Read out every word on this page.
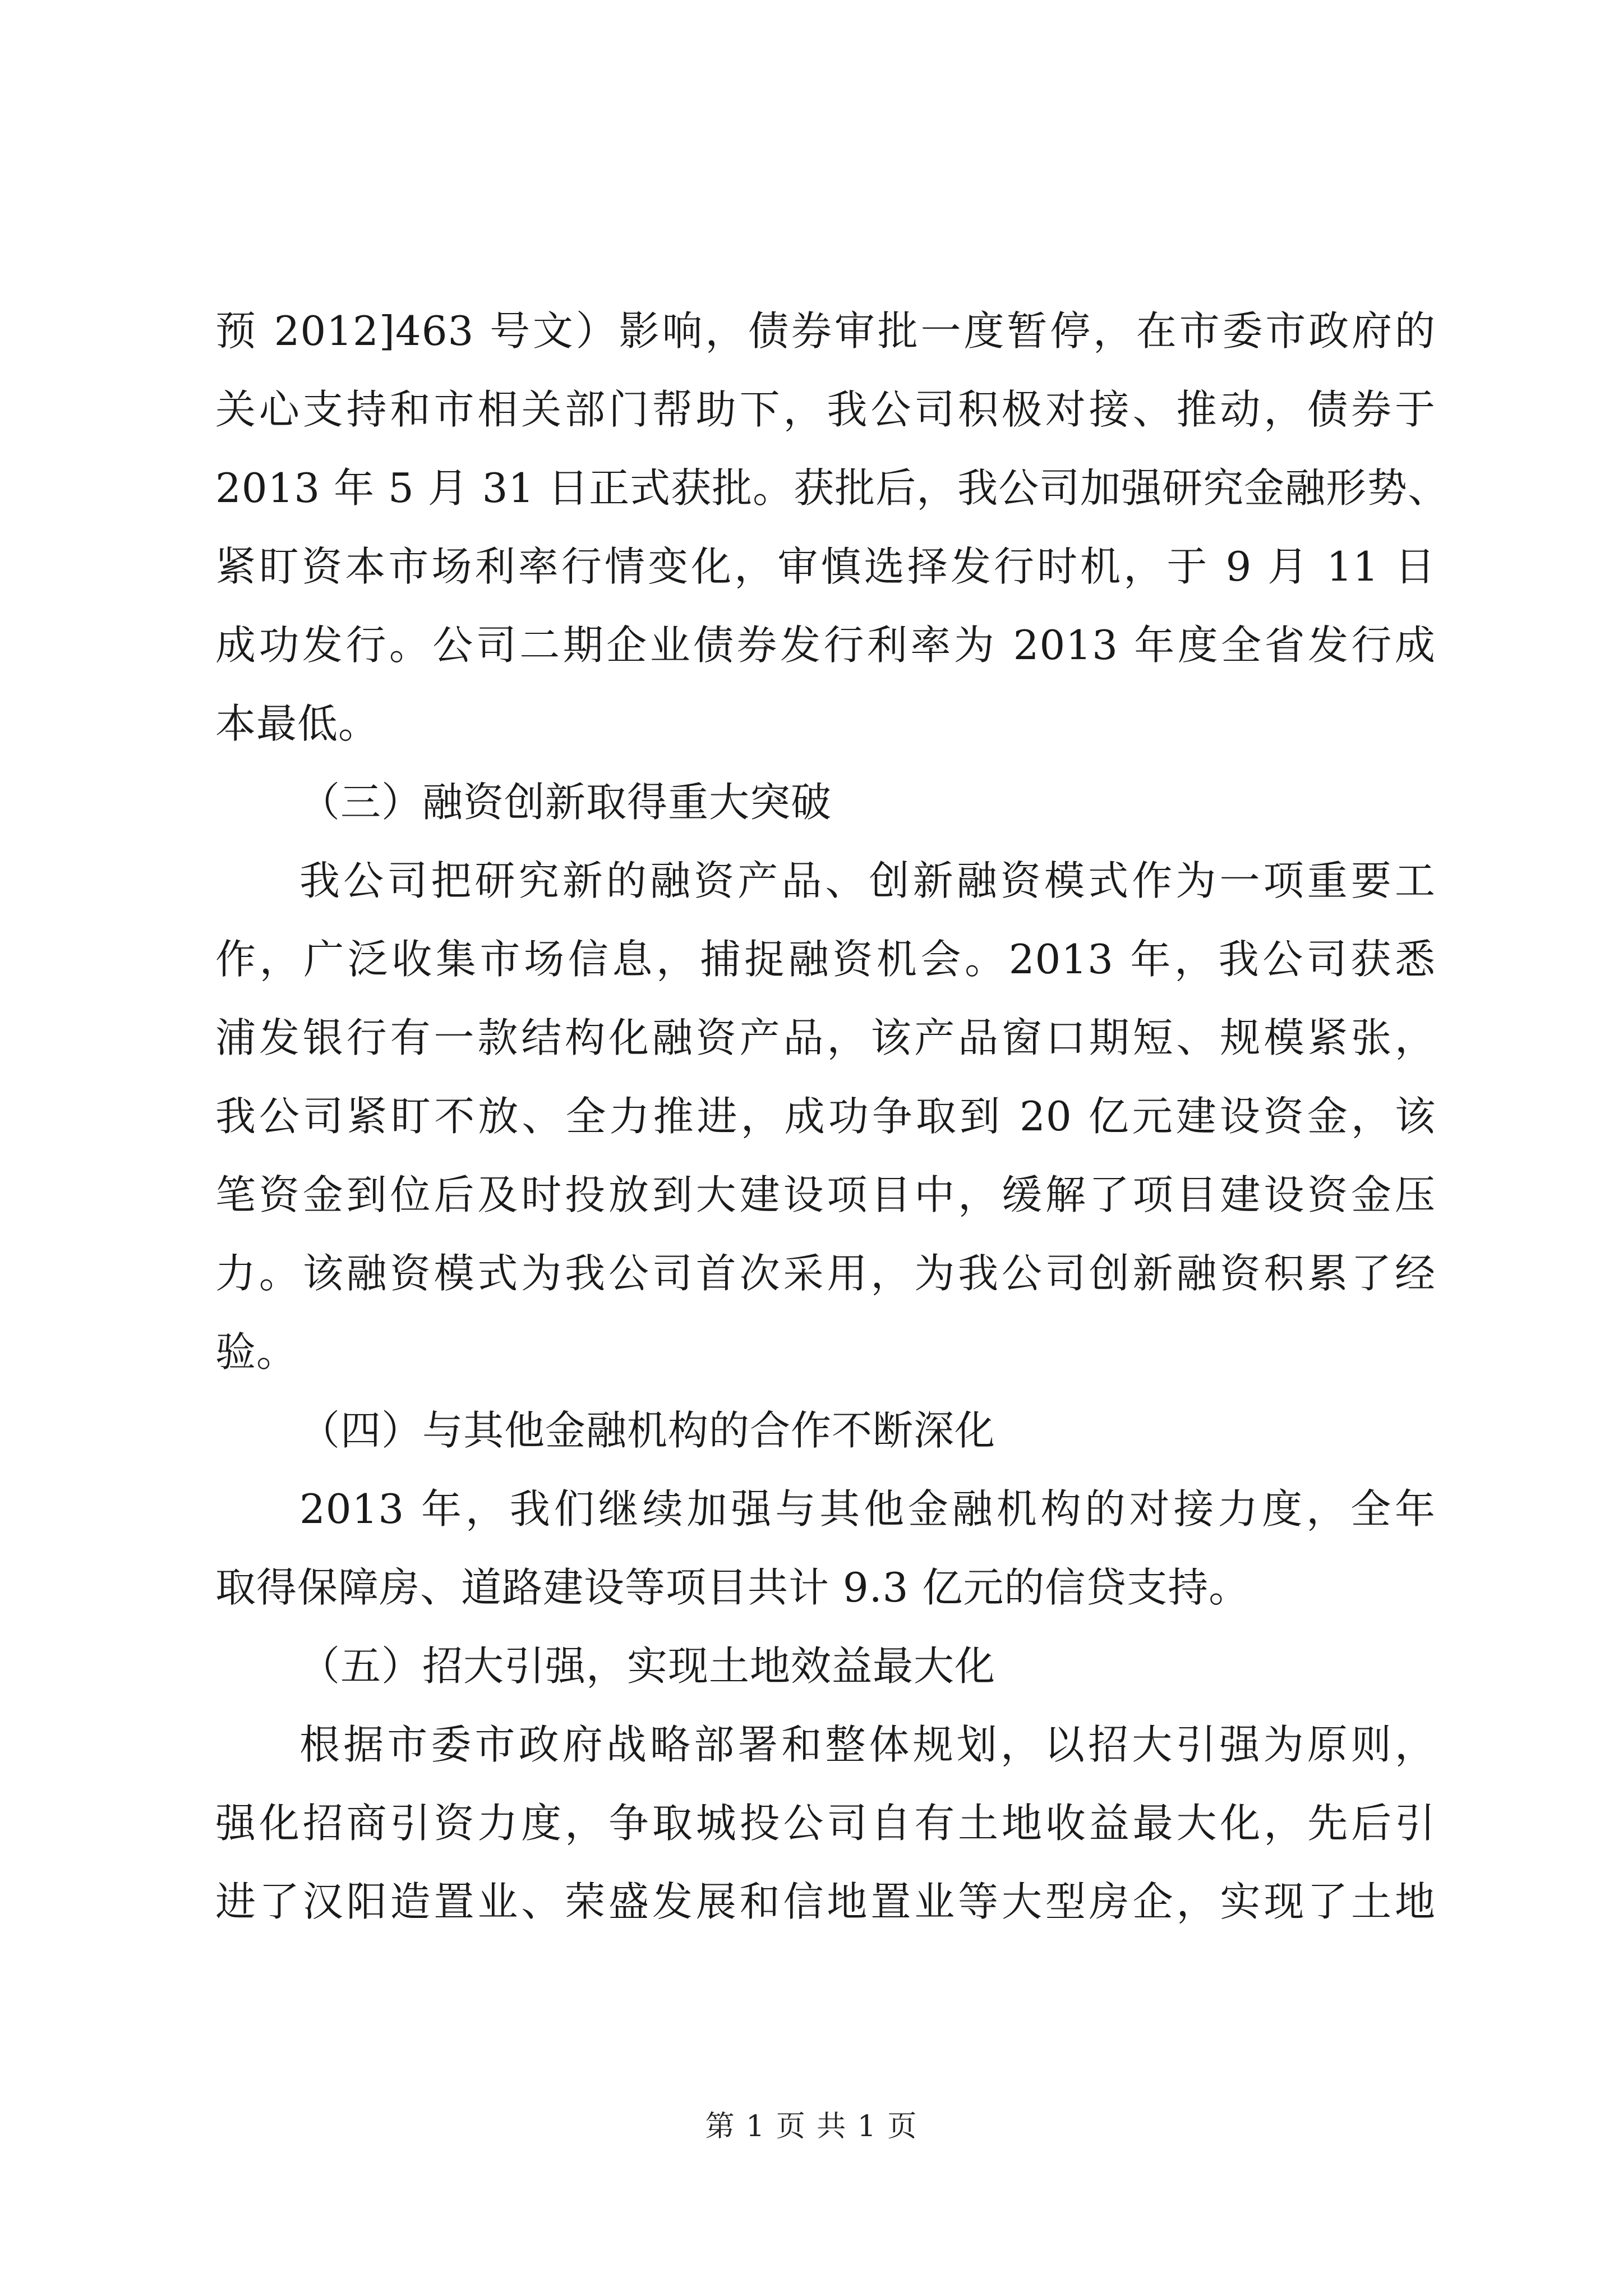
预 2012]463 号文）影响，债券审批一度暂停，在市委市政府的
关心支持和市相关部门帮助下，我公司积极对接、推动，债券于
2013 年 5 月 31 日正式获批。获批后，我公司加强研究金融形势、
紧盯资本市场利率行情变化，审慎选择发行时机，于 9 月 11 日
成功发行。公司二期企业债券发行利率为 2013 年度全省发行成
本最低。
（三）融资创新取得重大突破
我公司把研究新的融资产品、创新融资模式作为一项重要工
作，广泛收集市场信息，捕捉融资机会。2013 年，我公司获悉
浦发银行有一款结构化融资产品，该产品窗口期短、规模紧张，
我公司紧盯不放、全力推进，成功争取到 20 亿元建设资金，该
笔资金到位后及时投放到大建设项目中，缓解了项目建设资金压
力。该融资模式为我公司首次采用，为我公司创新融资积累了经
验。
（四）与其他金融机构的合作不断深化
2013 年，我们继续加强与其他金融机构的对接力度，全年
取得保障房、道路建设等项目共计 9.3 亿元的信贷支持。
（五）招大引强，实现土地效益最大化
根据市委市政府战略部署和整体规划，以招大引强为原则，
强化招商引资力度，争取城投公司自有土地收益最大化，先后引
进了汉阳造置业、荣盛发展和信地置业等大型房企，实现了土地
第 1 页 共 1 页
